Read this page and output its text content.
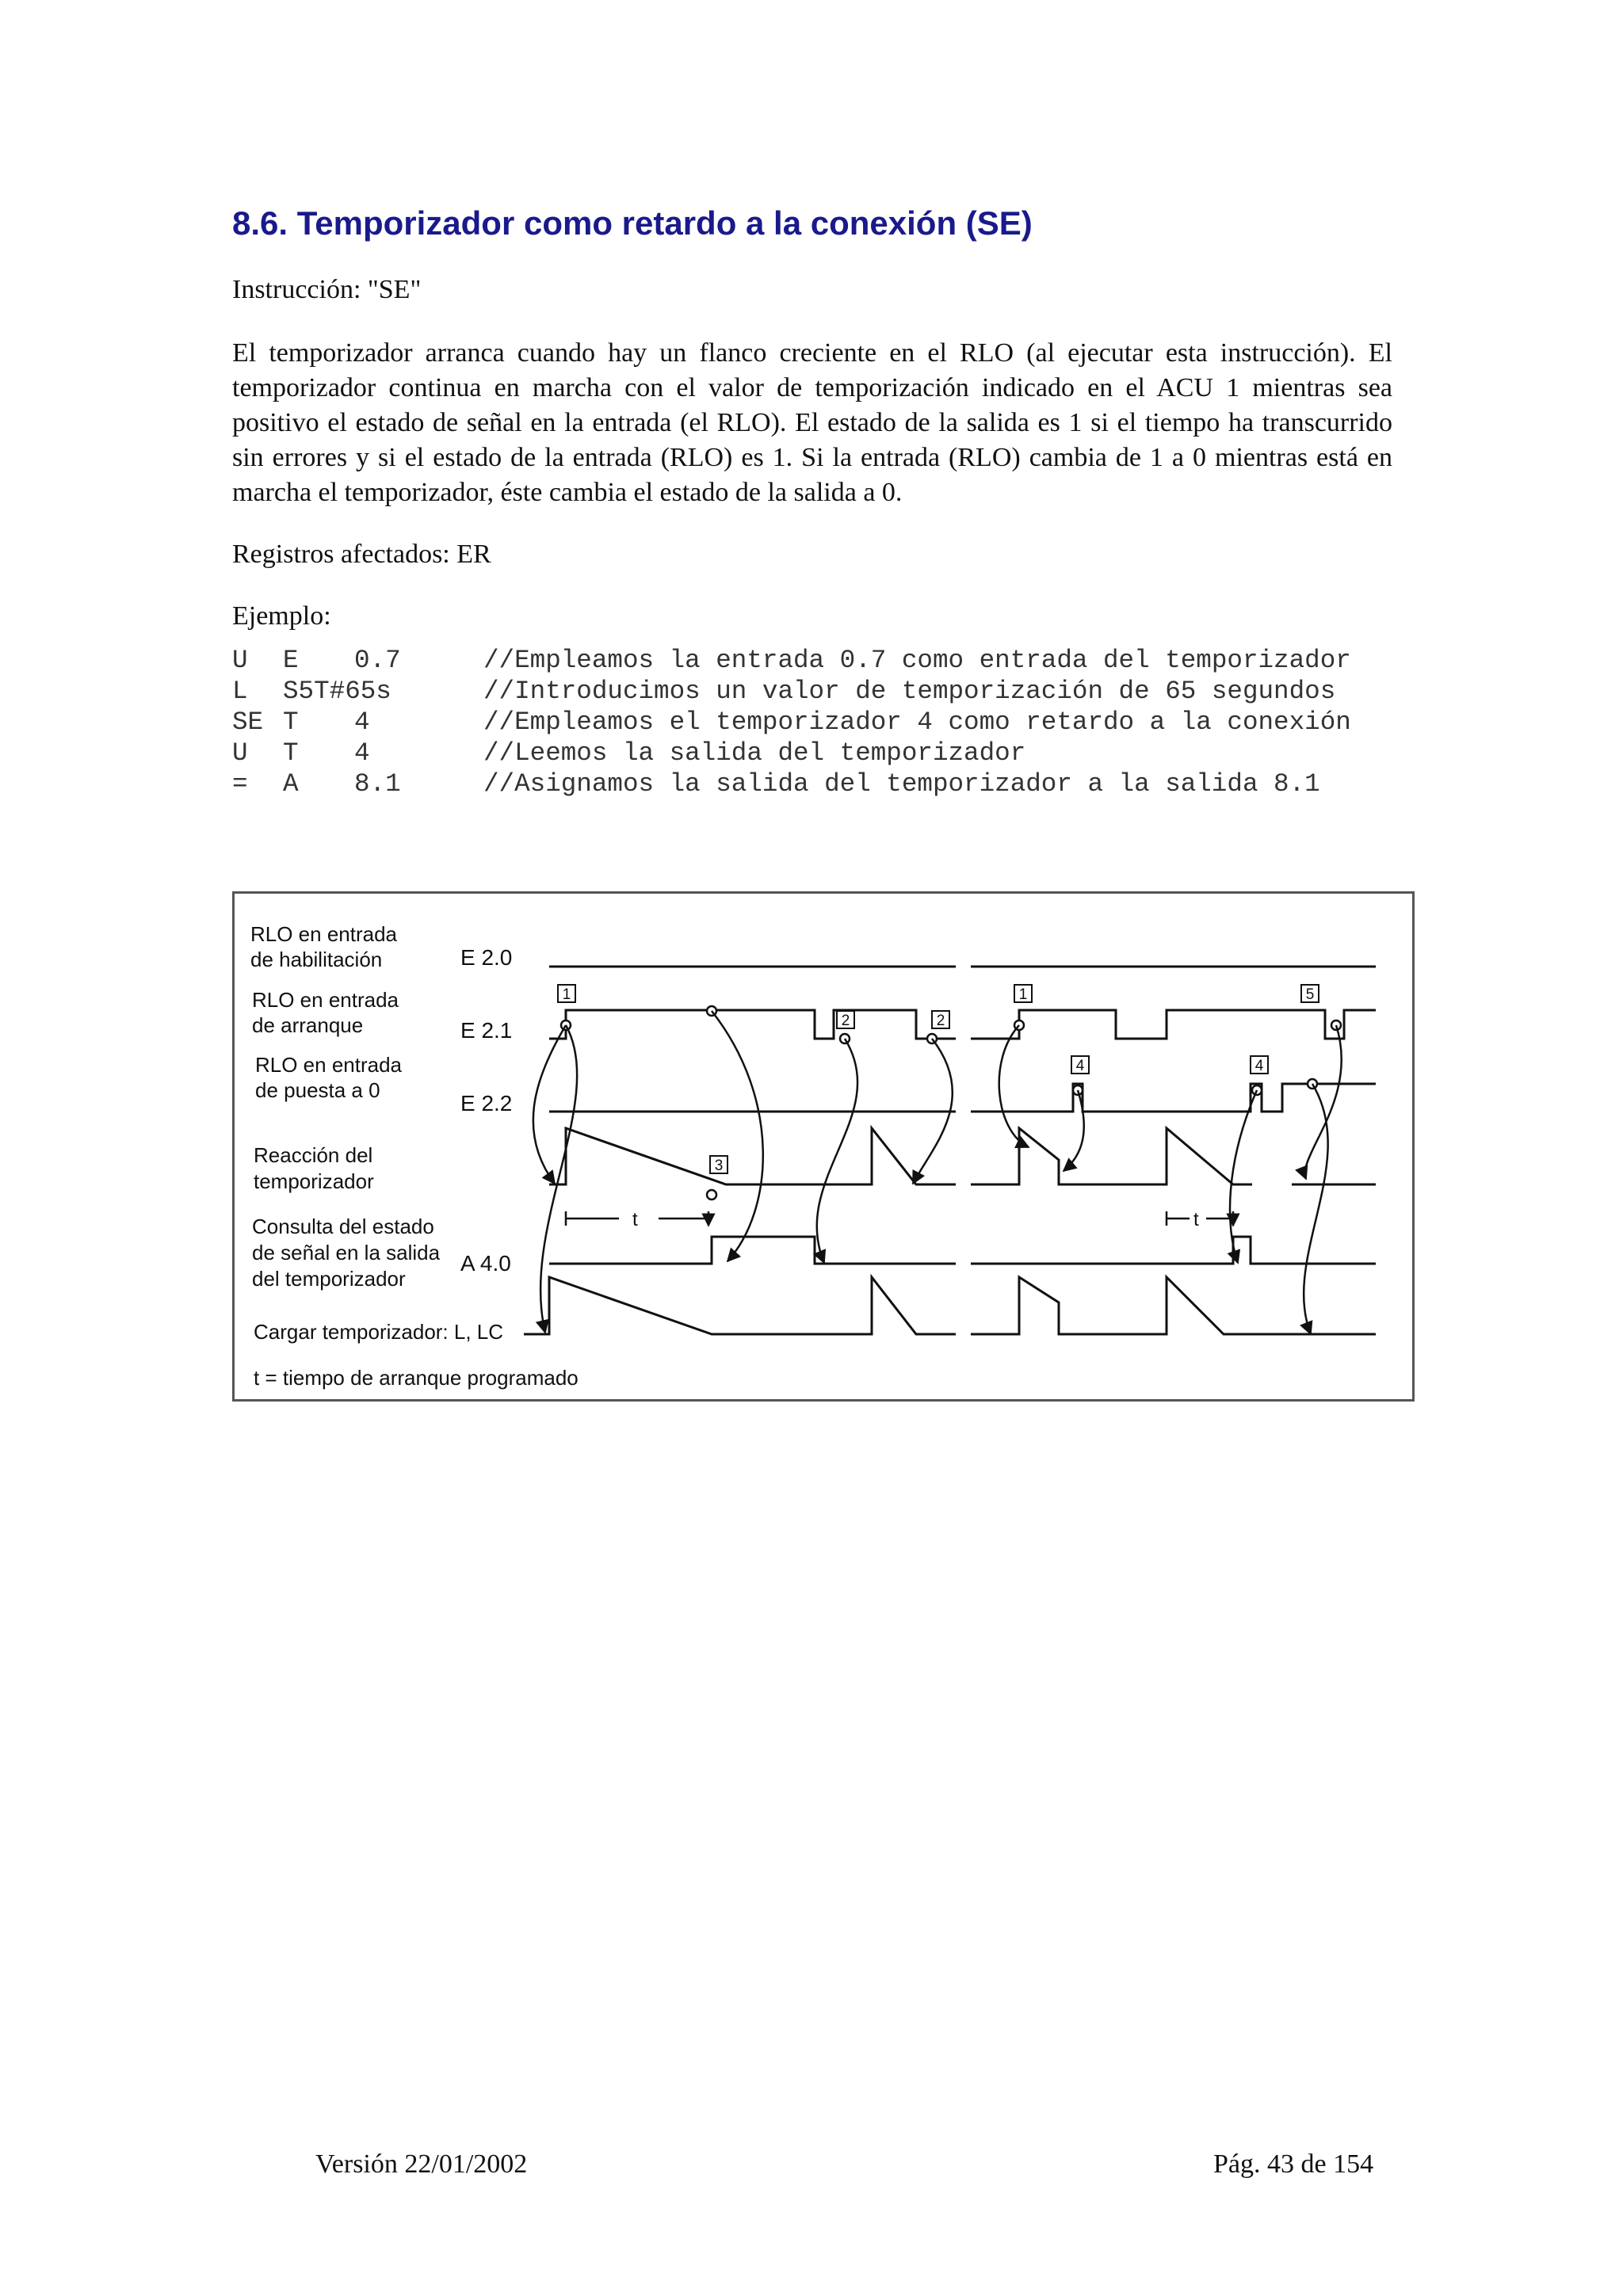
8.6. Temporizador como retardo a la conexión (SE)

Instrucción: "SE"

El temporizador arranca cuando hay un flanco creciente en el RLO (al ejecutar esta instrucción). El temporizador continua en marcha con el valor de temporización indicado en el ACU 1 mientras sea positivo el estado de señal en la entrada (el RLO). El estado de la salida es 1 si el tiempo ha transcurrido sin errores y si el estado de la entrada (RLO) es 1. Si la entrada (RLO) cambia de 1 a 0 mientras está en marcha el temporizador, éste cambia el estado de la salida a 0.

Registros afectados: ER

Ejemplo:

U E 0.7	//Empleamos la entrada 0.7 como entrada del temporizador
L S5T#65s	//Introducimos un valor de temporización de 65 segundos
SE T 4	//Empleamos el temporizador 4 como retardo a la conexión
U T 4	//Leemos la salida del temporizador
= A 8.1	//Asignamos la salida del temporizador a la salida 8.1
RLO en entrada
de habilitación
RLO en entrada
de arranque
RLO en entrada
de puesta a 0
Reacción del
temporizador
Consulta del estado
de señal en la salida
del temporizador
Cargar temporizador: L, LC
t = tiempo de arranque programado
E 2.0
E 2.1
E 2.2
A 4.0
t	t
1
2	2
3
1
4	4
5

Versión 22/01/2002	Pág. 43 de 154
